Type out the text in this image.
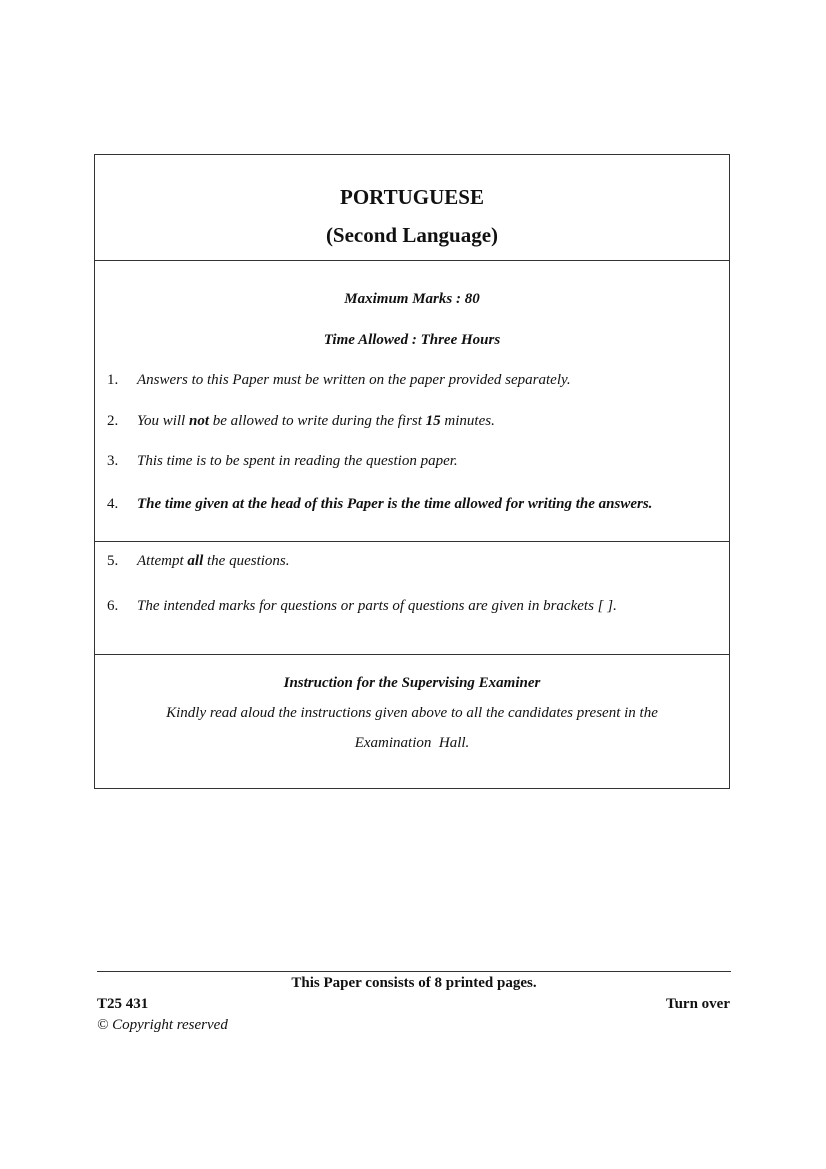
PORTUGUESE
(Second Language)
Maximum Marks : 80
Time Allowed : Three Hours
1. Answers to this Paper must be written on the paper provided separately.
2. You will not be allowed to write during the first 15 minutes.
3. This time is to be spent in reading the question paper.
4. The time given at the head of this Paper is the time allowed for writing the answers.
5. Attempt all the questions.
6. The intended marks for questions or parts of questions are given in brackets [ ].
Instruction for the Supervising Examiner
Kindly read aloud the instructions given above to all the candidates present in the
Examination  Hall.
This Paper consists of 8 printed pages.
T25 431	Turn over
© Copyright reserved
